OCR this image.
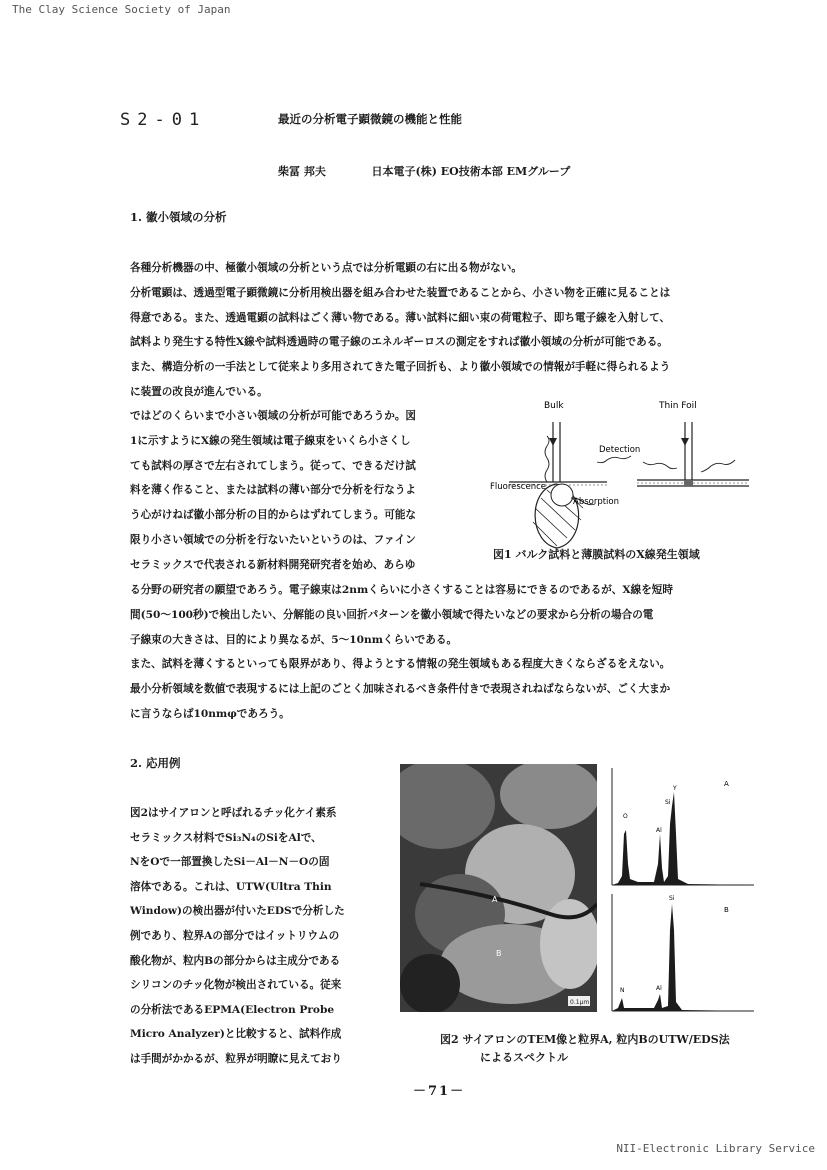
The Clay Science Society of Japan
S2-01	最近の分析電子顕微鏡の機能と性能
柴冨 邦夫	日本電子(株) EO技術本部 EMグループ
1. 徽小領域の分析
各種分析機器の中、極徽小領域の分析という点では分析電顕の右に出る物がない。
分析電顕は、透過型電子顕微鏡に分析用検出器を組み合わせた装置であることから、小さい物を正確に見ることは
得意である。また、透過電顕の試料はごく薄い物である。薄い試料に細い束の荷電粒子、即ち電子線を入射して、
試料より発生する特性X線や試料透過時の電子線のエネルギーロスの測定をすれば徽小領域の分析が可能である。
また、構造分析の一手法として従来より多用されてきた電子回折も、より徽小領域での情報が手軽に得られるよう
に装置の改良が進んでいる。
ではどのくらいまで小さい領域の分析が可能であろうか。図
1に示すようにX線の発生領域は電子線束をいくら小さくし
ても試料の厚さで左右されてしまう。従って、できるだけ試
料を薄く作ること、または試料の薄い部分で分析を行なうよ
う心がけねば徽小部分析の目的からはずれてしまう。可能な
限り小さい領域での分析を行ないたいというのは、ファイン
セラミックスで代表される新材料開発研究者を始め、あらゆ
Bulk	Thin Foil
Detection
Fluorescence
Absorption
図1 バルク試料と薄膜試料のX線発生領域
る分野の研究者の願望であろう。電子線束は2nmくらいに小さくすることは容易にできるのであるが、X線を短時
間(50～100秒)で検出したい、分解能の良い回折パターンを徽小領域で得たいなどの要求から分析の場合の電
子線束の大きさは、目的により異なるが、5～10nmくらいである。
また、試料を薄くするといっても限界があり、得ようとする情報の発生領域もある程度大きくならざるをえない。
最小分析領域を数値で表現するには上記のごとく加味されるべき条件付きで表現されねばならないが、ごく大まか
に言うならば10nmφであろう。
2. 応用例
図2はサイアロンと呼ばれるチッ化ケイ素系
セラミックス材料でSi₃N₄のSiをAlで、
NをOで一部置換したSi－Al－N－Oの固
溶体である。これは、UTW(Ultra Thin
Window)の検出器が付いたEDSで分析した
例であり、粒界Aの部分ではイットリウムの
酸化物が、粒内Bの部分からは主成分である
シリコンのチッ化物が検出されている。従来
の分析法であるEPMA(Electron Probe
Micro Analyzer)と比較すると、試料作成
は手間がかかるが、粒界が明瞭に見えており
A
B
0.1μm
A
O
Al
Si
Y
B
N	Al
Si
図2 サイアロンのTEM像と粒界A, 粒内BのUTW/EDS法
によるスペクトル
－71－
NII-Electronic Library Service
